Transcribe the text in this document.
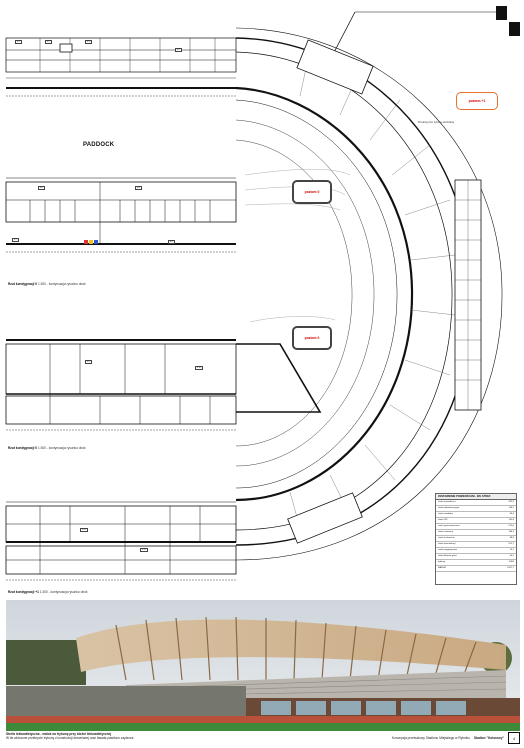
4
PADDOCK
poziom +1
poziom 0
poziom 0
0.1	0.2	0.3
0.4
0.5	0.6
0.7
0.8
0.9
0.10
0.11
0.12
Rzut kondygnacji 0 1:300 - kontynuacja rysunku obok
Rzut kondygnacji 0 1:300 - kontynuacja rysunku obok
Rzut kondygnacji +1 1:300 - kontynuacja rysunku obok
Przekrój przez trybunę wschodnią
ZESTAWIENIE POWIERZCHNI - WG STREF
strefa zawodnicza	432,5
strefa administracyjna	118,2
strefa medialna	96,4
strefa VIP	142,8
strefa gastronomiczna	210,6
strefa sanitarna	164,3
strefa techniczna	88,9
strefa komunikacji	512,7
strefa magazynowa	74,1
strefa kibiców gości	56,2
trybuny	3420
RAZEM	5317,7
Strefa lekkoatletyczna - widok na trybunę przy bieżni lekkoatletycznej
W tle widoczne przekrycie trybuny z konstrukcji drewnianej oraz fasada pawilonu zaplecza	Koncepcja przebudowy Stadionu Miejskiego w Rybniku Stadion "Kolorowy"	4
